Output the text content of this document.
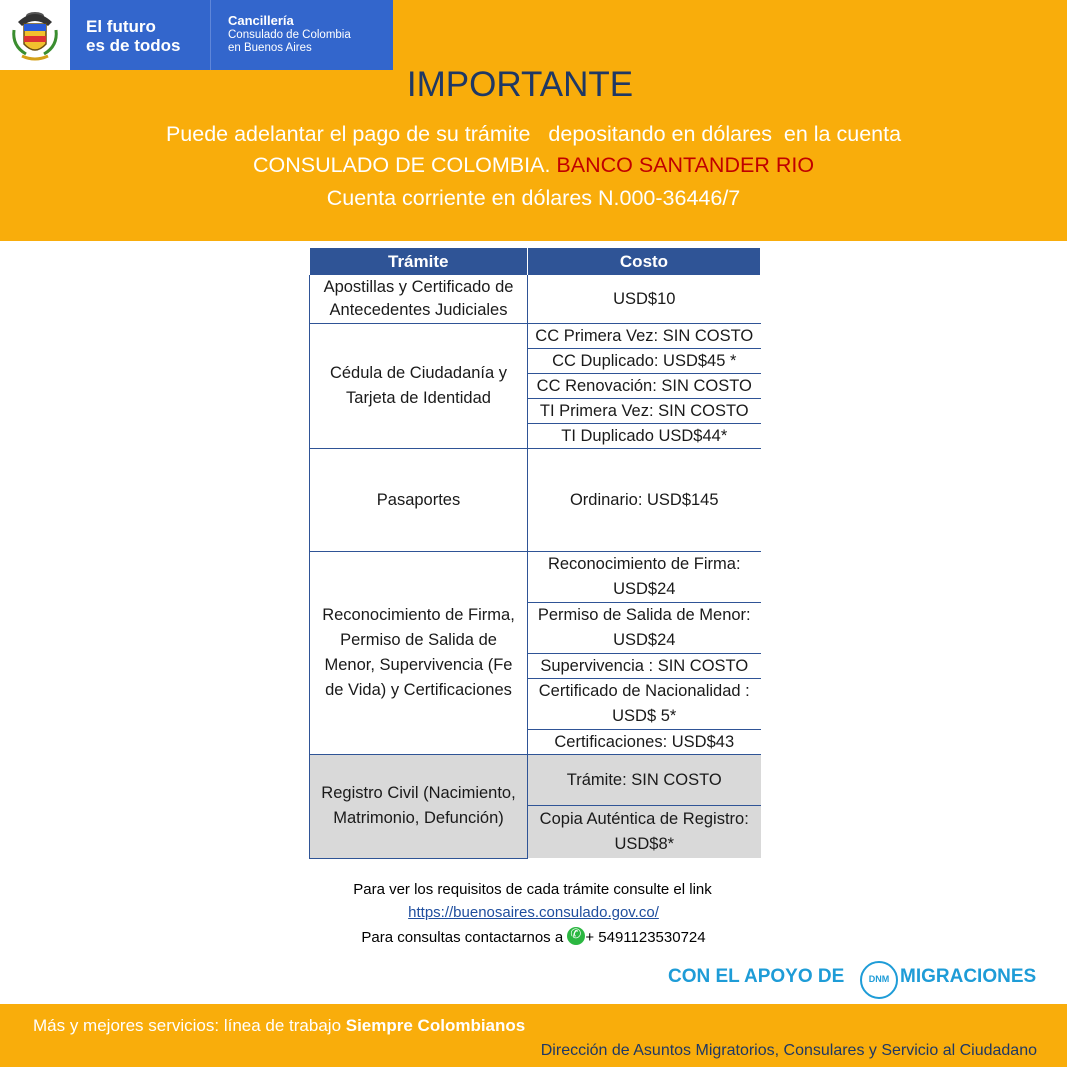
El futuro
es de todos
Cancillería
Consulado de Colombia
en Buenos Aires
IMPORTANTE
Puede adelantar el pago de su trámite   depositando en dólares  en la cuenta
CONSULADO DE COLOMBIA. BANCO SANTANDER RIO
Cuenta corriente en dólares N.000-36446/7
Trámite	Costo
Apostillas y Certificado de Antecedentes Judiciales	USD$10
Cédula de Ciudadanía y Tarjeta de Identidad	CC Primera Vez: SIN COSTO
	CC Duplicado: USD$45 *
	CC Renovación: SIN COSTO
	TI Primera Vez: SIN COSTO
	TI Duplicado USD$44*
Pasaportes	Ordinario: USD$145
Reconocimiento de Firma, Permiso de Salida de Menor, Supervivencia (Fe de Vida) y Certificaciones	Reconocimiento de Firma: USD$24
	Permiso de Salida de Menor: USD$24
	Supervivencia : SIN COSTO
	Certificado de Nacionalidad : USD$ 5*
	Certificaciones: USD$43
Registro Civil (Nacimiento, Matrimonio, Defunción)	Trámite: SIN COSTO
	Copia Auténtica de Registro: USD$8*
Para ver los requisitos de cada trámite consulte el link
https://buenosaires.consulado.gov.co/
Para consultas contactarnos a ✆+ 5491123530724
CON EL APOYO DE	DNM MIGRACIONES
Más y mejores servicios: línea de trabajo Siempre Colombianos
Dirección de Asuntos Migratorios, Consulares y Servicio al Ciudadano
